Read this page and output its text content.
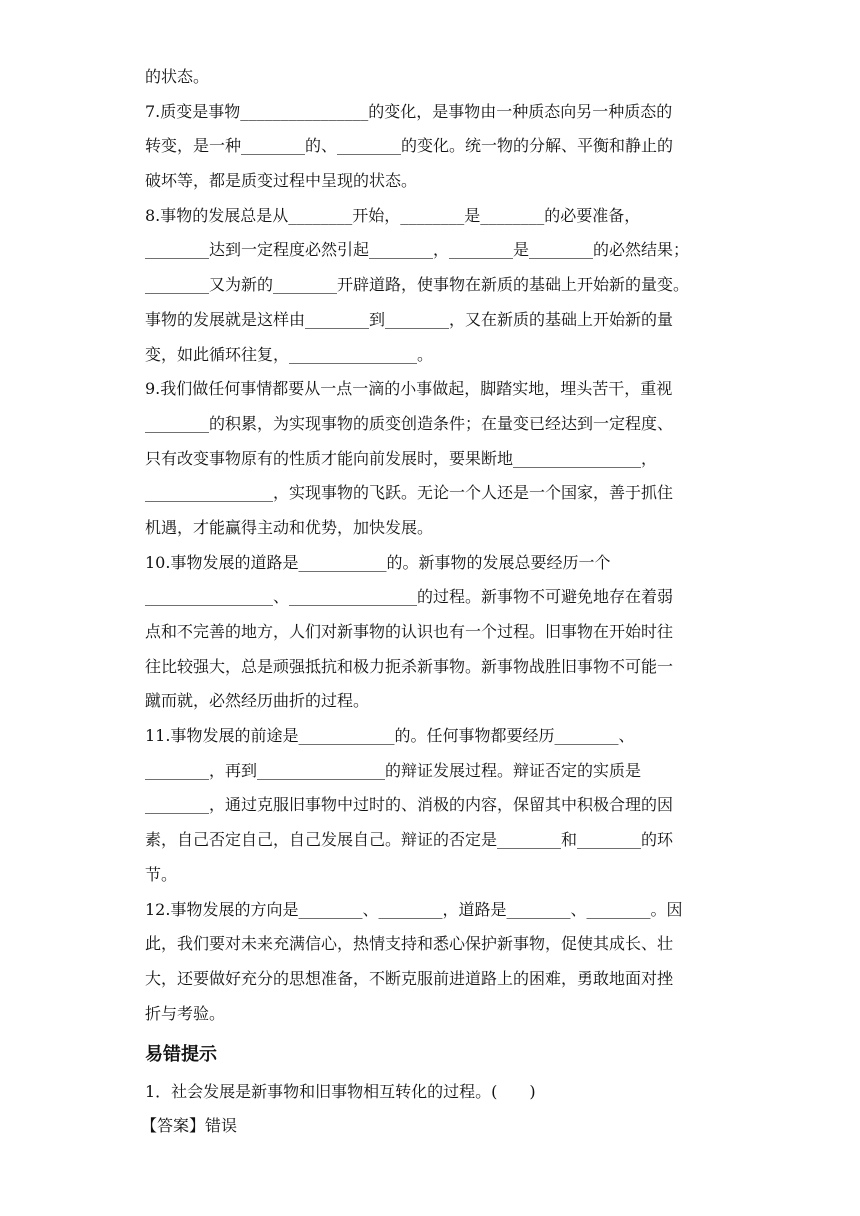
的状态。
7.质变是事物________________的变化，是事物由一种质态向另一种质态的
转变，是一种________的、________的变化。统一物的分解、平衡和静止的
破坏等，都是质变过程中呈现的状态。
8.事物的发展总是从________开始，________是________的必要准备，
________达到一定程度必然引起________，________是________的必然结果；
________又为新的________开辟道路，使事物在新质的基础上开始新的量变。
事物的发展就是这样由________到________，又在新质的基础上开始新的量
变，如此循环往复，________________。
9.我们做任何事情都要从一点一滴的小事做起，脚踏实地，埋头苦干，重视
________的积累，为实现事物的质变创造条件；在量变已经达到一定程度、
只有改变事物原有的性质才能向前发展时，要果断地________________，
________________，实现事物的飞跃。无论一个人还是一个国家，善于抓住
机遇，才能赢得主动和优势，加快发展。
10.事物发展的道路是___________的。新事物的发展总要经历一个
________________、________________的过程。新事物不可避免地存在着弱
点和不完善的地方，人们对新事物的认识也有一个过程。旧事物在开始时往
往比较强大，总是顽强抵抗和极力扼杀新事物。新事物战胜旧事物不可能一
蹴而就，必然经历曲折的过程。
11.事物发展的前途是____________的。任何事物都要经历________、
________，再到________________的辩证发展过程。辩证否定的实质是
________，通过克服旧事物中过时的、消极的内容，保留其中积极合理的因
素，自己否定自己，自己发展自己。辩证的否定是________和________的环
节。
12.事物发展的方向是________、________，道路是________、________。因
此，我们要对未来充满信心，热情支持和悉心保护新事物，促使其成长、壮
大，还要做好充分的思想准备，不断克服前进道路上的困难，勇敢地面对挫
折与考验。
易错提示
1．社会发展是新事物和旧事物相互转化的过程。(　　)
【答案】错误
